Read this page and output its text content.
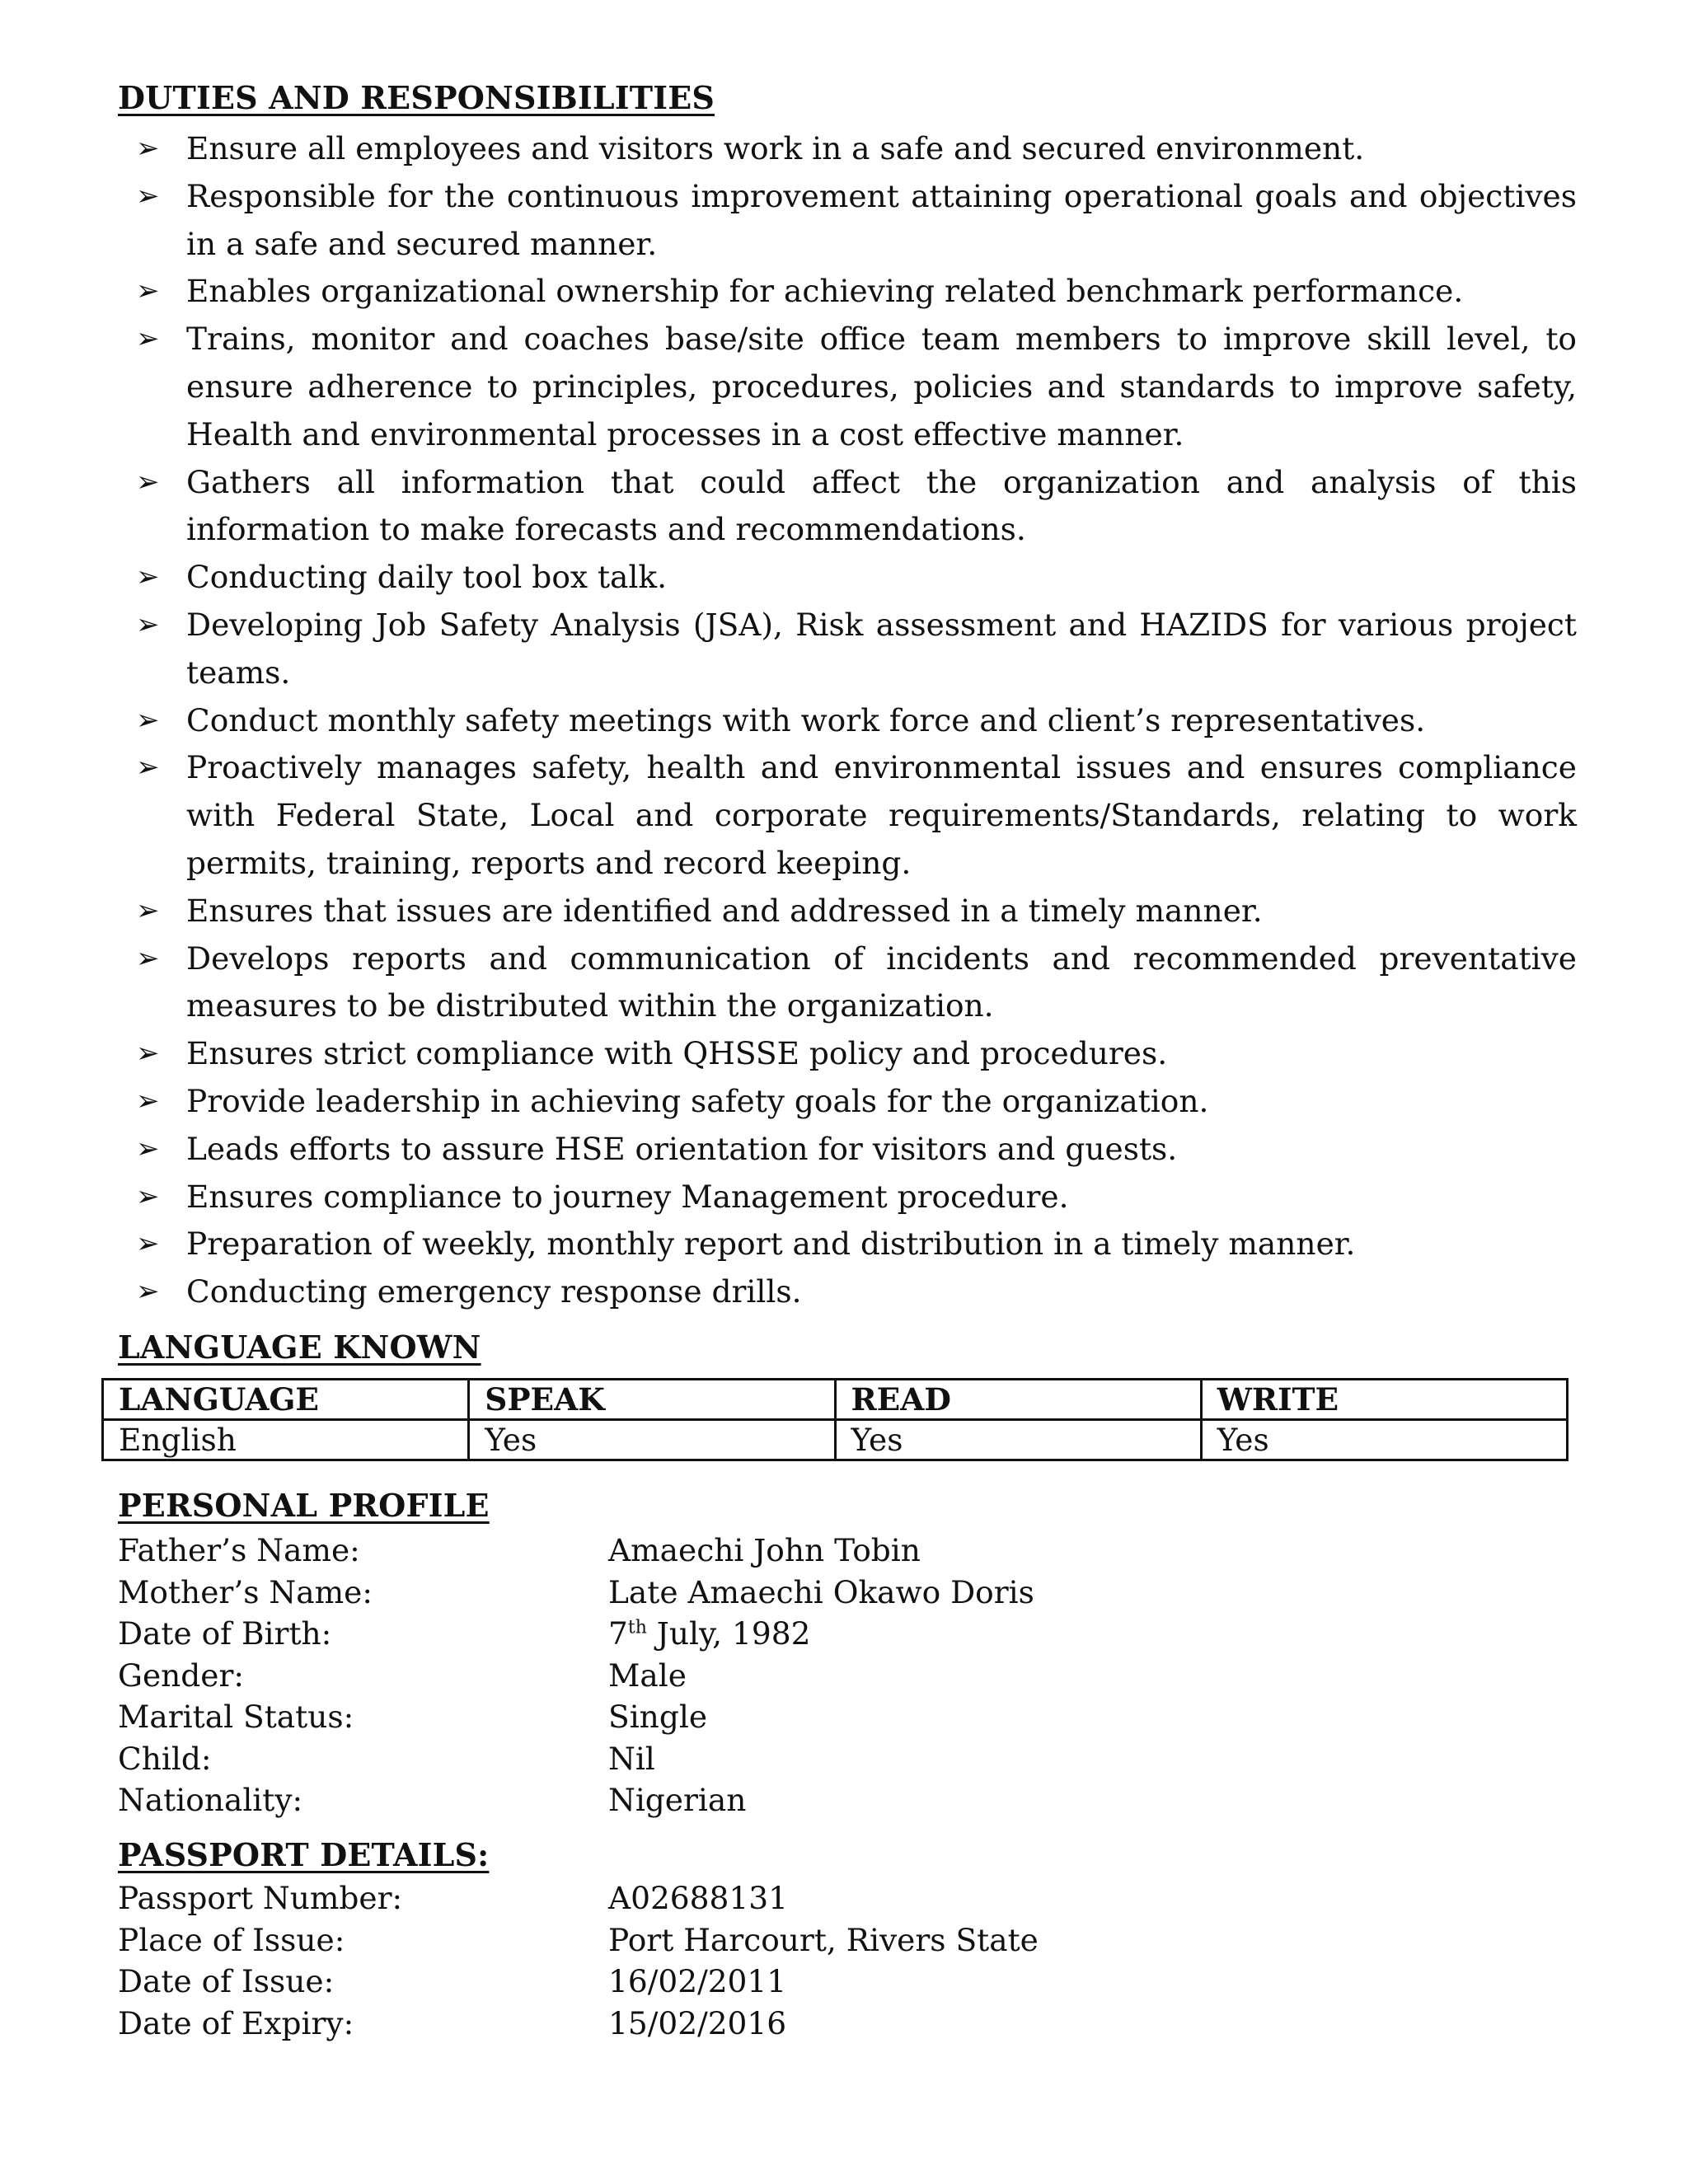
DUTIES AND RESPONSIBILITIES
➢ Ensure all employees and visitors work in a safe and secured environment.
➢ Responsible for the continuous improvement attaining operational goals and objectives in a safe and secured manner.
➢ Enables organizational ownership for achieving related benchmark performance.
➢ Trains, monitor and coaches base/site office team members to improve skill level, to ensure adherence to principles, procedures, policies and standards to improve safety, Health and environmental processes in a cost effective manner.
➢ Gathers all information that could affect the organization and analysis of this information to make forecasts and recommendations.
➢ Conducting daily tool box talk.
➢ Developing Job Safety Analysis (JSA), Risk assessment and HAZIDS for various project teams.
➢ Conduct monthly safety meetings with work force and client’s representatives.
➢ Proactively manages safety, health and environmental issues and ensures compliance with Federal State, Local and corporate requirements/Standards, relating to work permits, training, reports and record keeping.
➢ Ensures that issues are identified and addressed in a timely manner.
➢ Develops reports and communication of incidents and recommended preventative measures to be distributed within the organization.
➢ Ensures strict compliance with QHSSE policy and procedures.
➢ Provide leadership in achieving safety goals for the organization.
➢ Leads efforts to assure HSE orientation for visitors and guests.
➢ Ensures compliance to journey Management procedure.
➢ Preparation of weekly, monthly report and distribution in a timely manner.
➢ Conducting emergency response drills.
LANGUAGE KNOWN
LANGUAGE	SPEAK	READ	WRITE
English	Yes	Yes	Yes
PERSONAL PROFILE
Father’s Name:	Amaechi John Tobin
Mother’s Name:	Late Amaechi Okawo Doris
Date of Birth:	7th July, 1982
Gender:	Male
Marital Status:	Single
Child:	Nil
Nationality:	Nigerian
PASSPORT DETAILS:
Passport Number:	A02688131
Place of Issue:	Port Harcourt, Rivers State
Date of Issue:	16/02/2011
Date of Expiry:	15/02/2016
